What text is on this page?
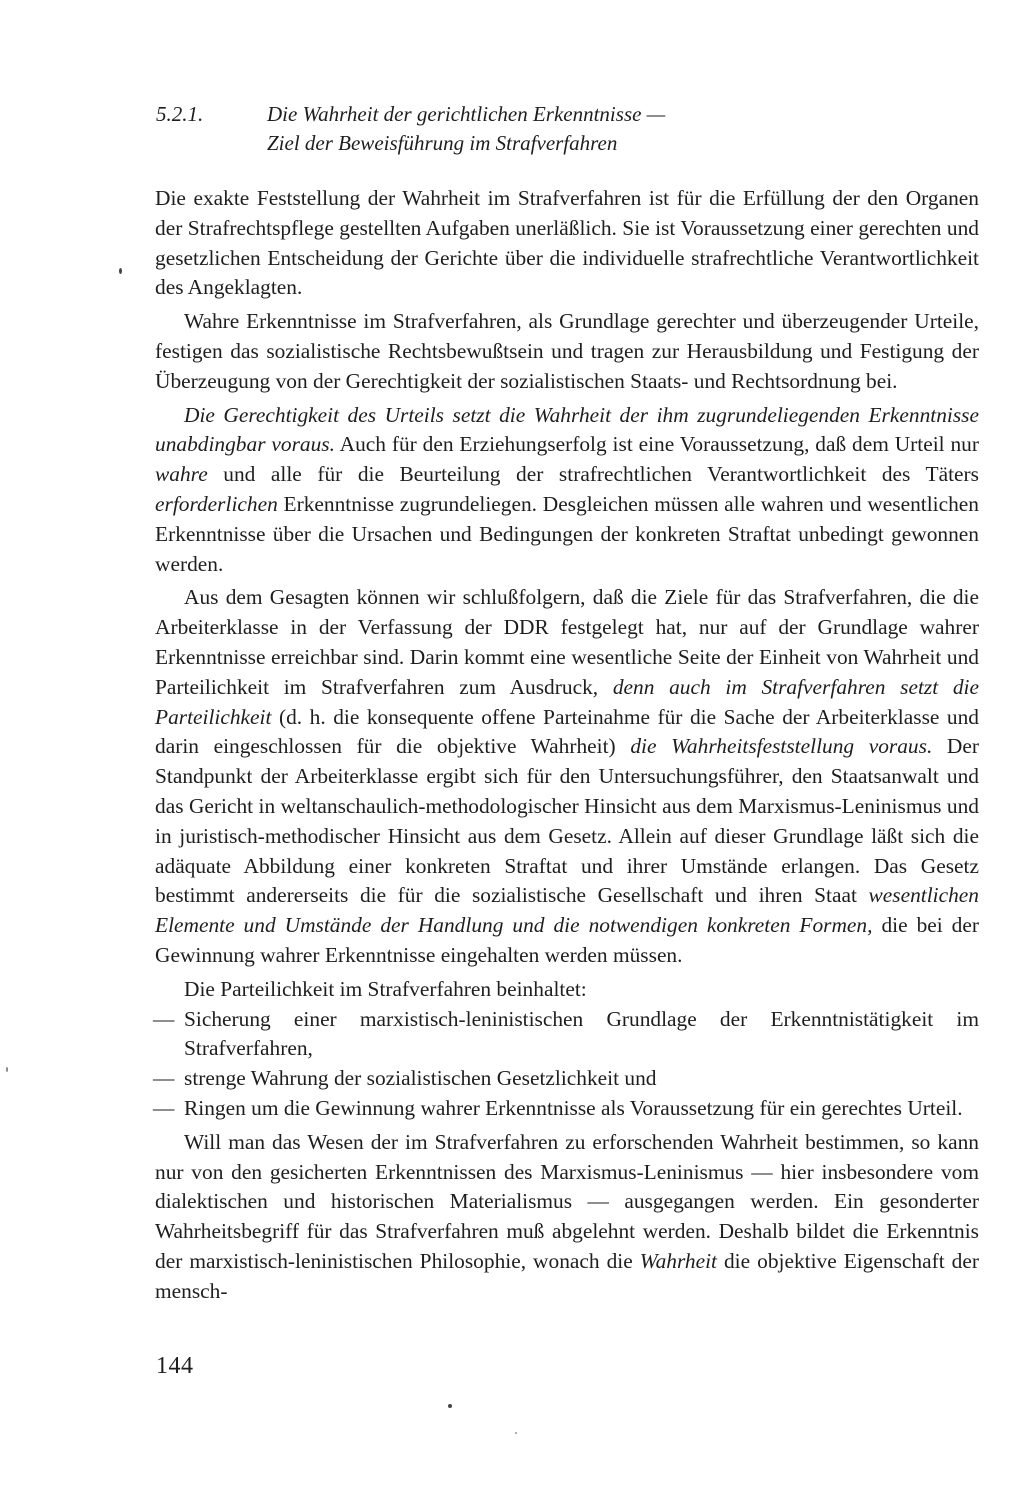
5.2.1.	Die Wahrheit der gerichtlichen Erkenntnisse —
Ziel der Beweisführung im Strafverfahren

Die exakte Feststellung der Wahrheit im Strafverfahren ist für die Erfüllung der den Organen der Strafrechtspflege gestellten Aufgaben unerläßlich. Sie ist Voraussetzung einer gerechten und gesetzlichen Entscheidung der Gerichte über die individuelle strafrechtliche Verantwortlichkeit des Angeklagten.

Wahre Erkenntnisse im Strafverfahren, als Grundlage gerechter und überzeugender Urteile, festigen das sozialistische Rechtsbewußtsein und tragen zur Herausbildung und Festigung der Überzeugung von der Gerechtigkeit der sozialistischen Staats- und Rechtsordnung bei.

Die Gerechtigkeit des Urteils setzt die Wahrheit der ihm zugrundeliegenden Erkenntnisse unabdingbar voraus. Auch für den Erziehungserfolg ist eine Voraussetzung, daß dem Urteil nur wahre und alle für die Beurteilung der strafrechtlichen Verantwortlichkeit des Täters erforderlichen Erkenntnisse zugrundeliegen. Desgleichen müssen alle wahren und wesentlichen Erkenntnisse über die Ursachen und Bedingungen der konkreten Straftat unbedingt gewonnen werden.

Aus dem Gesagten können wir schlußfolgern, daß die Ziele für das Strafverfahren, die die Arbeiterklasse in der Verfassung der DDR festgelegt hat, nur auf der Grundlage wahrer Erkenntnisse erreichbar sind. Darin kommt eine wesentliche Seite der Einheit von Wahrheit und Parteilichkeit im Strafverfahren zum Ausdruck, denn auch im Strafverfahren setzt die Parteilichkeit (d. h. die konsequente offene Parteinahme für die Sache der Arbeiterklasse und darin eingeschlossen für die objektive Wahrheit) die Wahrheitsfeststellung voraus. Der Standpunkt der Arbeiterklasse ergibt sich für den Untersuchungsführer, den Staatsanwalt und das Gericht in weltanschaulich-methodologischer Hinsicht aus dem Marxismus-Leninismus und in juristisch-methodischer Hinsicht aus dem Gesetz. Allein auf dieser Grundlage läßt sich die adäquate Abbildung einer konkreten Straftat und ihrer Umstände erlangen. Das Gesetz bestimmt andererseits die für die sozialistische Gesellschaft und ihren Staat wesentlichen Elemente und Umstände der Handlung und die notwendigen konkreten Formen, die bei der Gewinnung wahrer Erkenntnisse eingehalten werden müssen.

Die Parteilichkeit im Strafverfahren beinhaltet:

— Sicherung einer marxistisch-leninistischen Grundlage der Erkenntnistätigkeit im Strafverfahren,
— strenge Wahrung der sozialistischen Gesetzlichkeit und
— Ringen um die Gewinnung wahrer Erkenntnisse als Voraussetzung für ein gerechtes Urteil.

Will man das Wesen der im Strafverfahren zu erforschenden Wahrheit bestimmen, so kann nur von den gesicherten Erkenntnissen des Marxismus-Leninismus — hier insbesondere vom dialektischen und historischen Materialismus — ausgegangen werden. Ein gesonderter Wahrheitsbegriff für das Strafverfahren muß abgelehnt werden. Deshalb bildet die Erkenntnis der marxistisch-leninistischen Philosophie, wonach die Wahrheit die objektive Eigenschaft der mensch-

144
